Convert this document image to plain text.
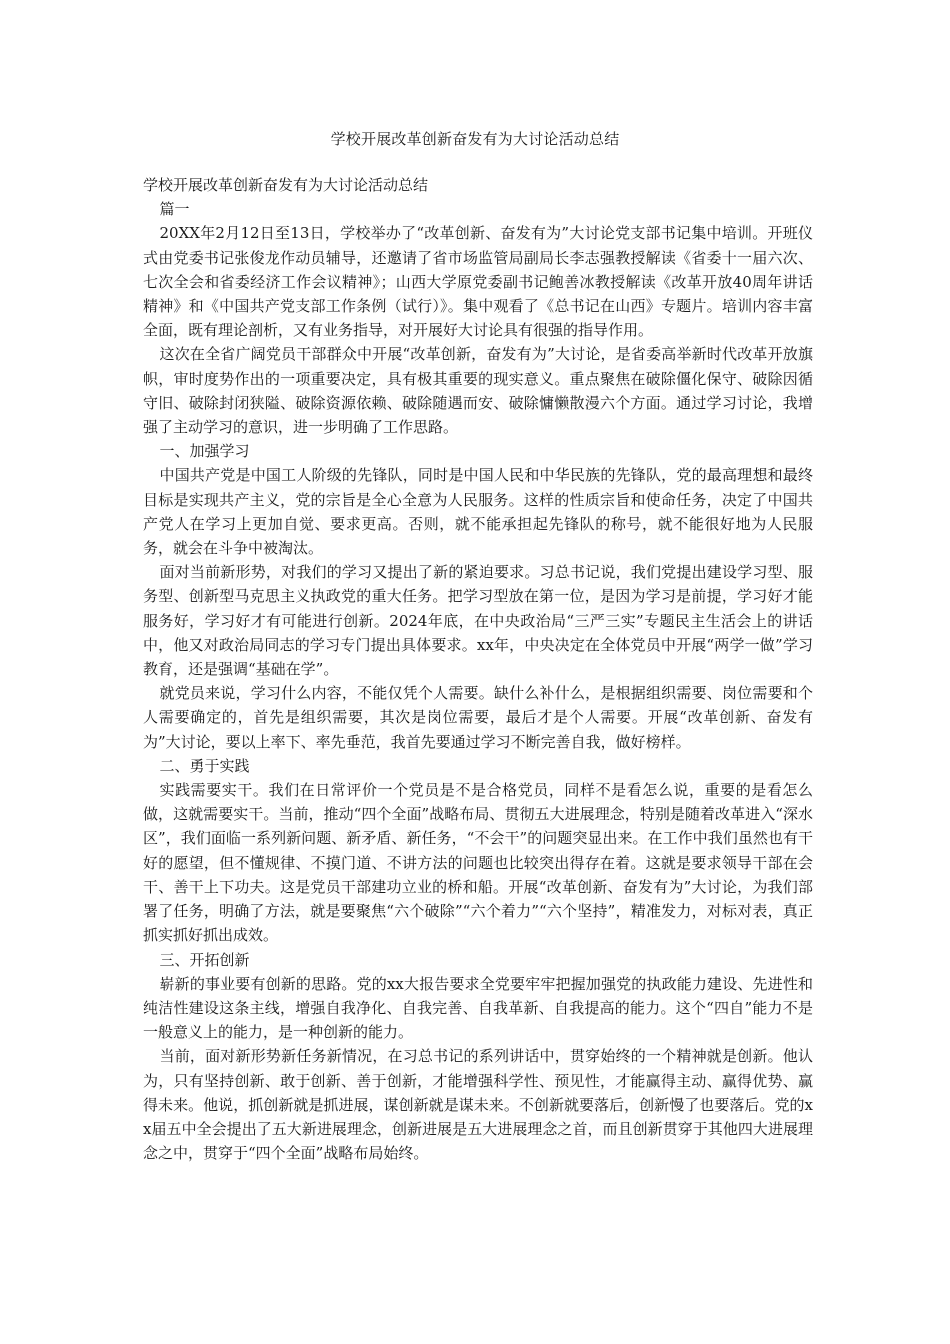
学校开展改革创新奋发有为大讨论活动总结

学校开展改革创新奋发有为大讨论活动总结

篇一

20XX年2月12日至13日，学校举办了“改革创新、奋发有为”大讨论党支部书记集中培训。开班仪式由党委书记张俊龙作动员辅导，还邀请了省市场监管局副局长李志强教授解读《省委十一届六次、七次全会和省委经济工作会议精神》；山西大学原党委副书记鲍善冰教授解读《改革开放40周年讲话精神》和《中国共产党支部工作条例（试行）》。集中观看了《总书记在山西》专题片。培训内容丰富全面，既有理论剖析，又有业务指导，对开展好大讨论具有很强的指导作用。

这次在全省广阔党员干部群众中开展“改革创新，奋发有为”大讨论，是省委高举新时代改革开放旗帜，审时度势作出的一项重要决定，具有极其重要的现实意义。重点聚焦在破除僵化保守、破除因循守旧、破除封闭狭隘、破除资源依赖、破除随遇而安、破除慵懒散漫六个方面。通过学习讨论，我增强了主动学习的意识，进一步明确了工作思路。

一、加强学习

中国共产党是中国工人阶级的先锋队，同时是中国人民和中华民族的先锋队，党的最高理想和最终目标是实现共产主义，党的宗旨是全心全意为人民服务。这样的性质宗旨和使命任务，决定了中国共产党人在学习上更加自觉、要求更高。否则，就不能承担起先锋队的称号，就不能很好地为人民服务，就会在斗争中被淘汰。

面对当前新形势，对我们的学习又提出了新的紧迫要求。习总书记说，我们党提出建设学习型、服务型、创新型马克思主义执政党的重大任务。把学习型放在第一位，是因为学习是前提，学习好才能服务好，学习好才有可能进行创新。2024年底，在中央政治局“三严三实”专题民主生活会上的讲话中，他又对政治局同志的学习专门提出具体要求。xx年，中央决定在全体党员中开展“两学一做”学习教育，还是强调“基础在学”。

就党员来说，学习什么内容，不能仅凭个人需要。缺什么补什么，是根据组织需要、岗位需要和个人需要确定的，首先是组织需要，其次是岗位需要，最后才是个人需要。开展“改革创新、奋发有为”大讨论，要以上率下、率先垂范，我首先要通过学习不断完善自我，做好榜样。

二、勇于实践

实践需要实干。我们在日常评价一个党员是不是合格党员，同样不是看怎么说，重要的是看怎么做，这就需要实干。当前，推动“四个全面”战略布局、贯彻五大进展理念，特别是随着改革进入“深水区”，我们面临一系列新问题、新矛盾、新任务，“不会干”的问题突显出来。在工作中我们虽然也有干好的愿望，但不懂规律、不摸门道、不讲方法的问题也比较突出得存在着。这就是要求领导干部在会干、善干上下功夫。这是党员干部建功立业的桥和船。开展“改革创新、奋发有为”大讨论，为我们部署了任务，明确了方法，就是要聚焦“六个破除”“六个着力”“六个坚持”，精准发力，对标对表，真正抓实抓好抓出成效。

三、开拓创新

崭新的事业要有创新的思路。党的xx大报告要求全党要牢牢把握加强党的执政能力建设、先进性和纯洁性建设这条主线，增强自我净化、自我完善、自我革新、自我提高的能力。这个“四自”能力不是一般意义上的能力，是一种创新的能力。

当前，面对新形势新任务新情况，在习总书记的系列讲话中，贯穿始终的一个精神就是创新。他认为，只有坚持创新、敢于创新、善于创新，才能增强科学性、预见性，才能赢得主动、赢得优势、赢得未来。他说，抓创新就是抓进展，谋创新就是谋未来。不创新就要落后，创新慢了也要落后。党的xx届五中全会提出了五大新进展理念，创新进展是五大进展理念之首，而且创新贯穿于其他四大进展理念之中，贯穿于“四个全面”战略布局始终。
